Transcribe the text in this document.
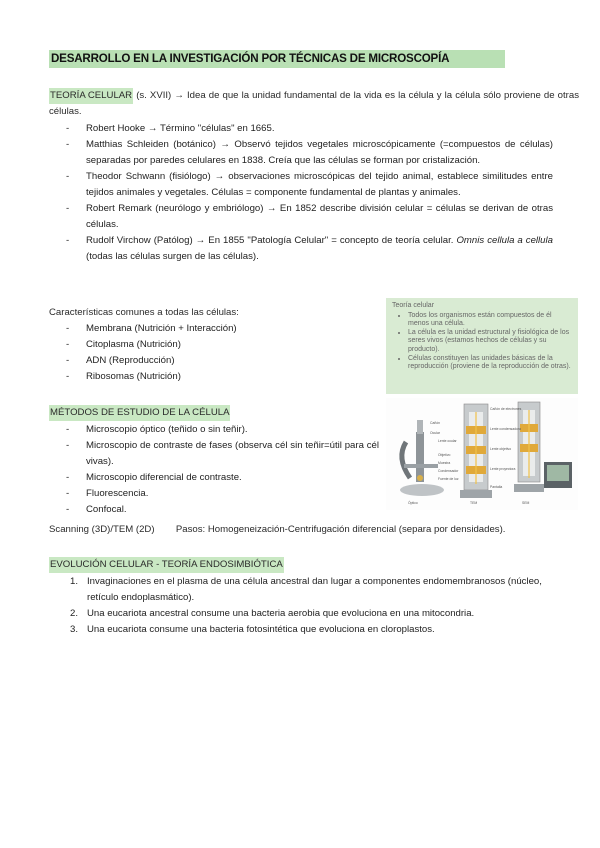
DESARROLLO EN LA INVESTIGACIÓN POR TÉCNICAS DE MICROSCOPÍA
TEORÍA CELULAR (s. XVII) → Idea de que la unidad fundamental de la vida es la célula y la célula sólo proviene de otras células.
- Robert Hooke → Término "células" en 1665.
- Matthias Schleiden (botánico) → Observó tejidos vegetales microscópicamente (=compuestos de células) separadas por paredes celulares en 1838. Creía que las células se forman por cristalización.
- Theodor Schwann (fisiólogo) → observaciones microscópicas del tejido animal, establece similitudes entre tejidos animales y vegetales. Células = componente fundamental de plantas y animales.
- Robert Remark (neurólogo y embriólogo) → En 1852 describe división celular = células se derivan de otras células.
- Rudolf Virchow (Patólog) → En 1855 "Patología Celular" = concepto de teoría celular. Omnis cellula a cellula (todas las células surgen de las células).
Características comunes a todas las células:
- Membrana (Nutrición + Interacción)
- Citoplasma (Nutrición)
- ADN (Reproducción)
- Ribosomas (Nutrición)
Teoría celular
• Todos los organismos están compuestos de él menos una célula.
• La célula es la unidad estructural y fisiológica de los seres vivos (estamos hechos de células y su producto).
• Células constituyen las unidades básicas de la reproducción (proviene de la reproducción de otras).
MÉTODOS DE ESTUDIO DE LA CÉLULA
- Microscopio óptico (teñido o sin teñir).
- Microscopio de contraste de fases (observa cél sin teñir=útil para cél vivas).
- Microscopio diferencial de contraste.
- Fluorescencia.
- Confocal.
Scanning (3D)/TEM (2D)        Pasos: Homogeneización-Centrifugación diferencial (separa por densidades).
Cañón
Ocular
Lente ocular
Objetivo
Muestra
Condensador
Fuente de luz
Cañón de electrones
Lente condensadora
Lente objetivo
Lente proyectora
Pantalla
Óptico	TEM	SEM
EVOLUCIÓN CELULAR - TEORÍA ENDOSIMBIÓTICA
1. Invaginaciones en el plasma de una célula ancestral dan lugar a componentes endomembranosos (núcleo, retículo endoplasmático).
2. Una eucariota ancestral consume una bacteria aerobia que evoluciona en una mitocondria.
3. Una eucariota consume una bacteria fotosintética que evoluciona en cloroplastos.
